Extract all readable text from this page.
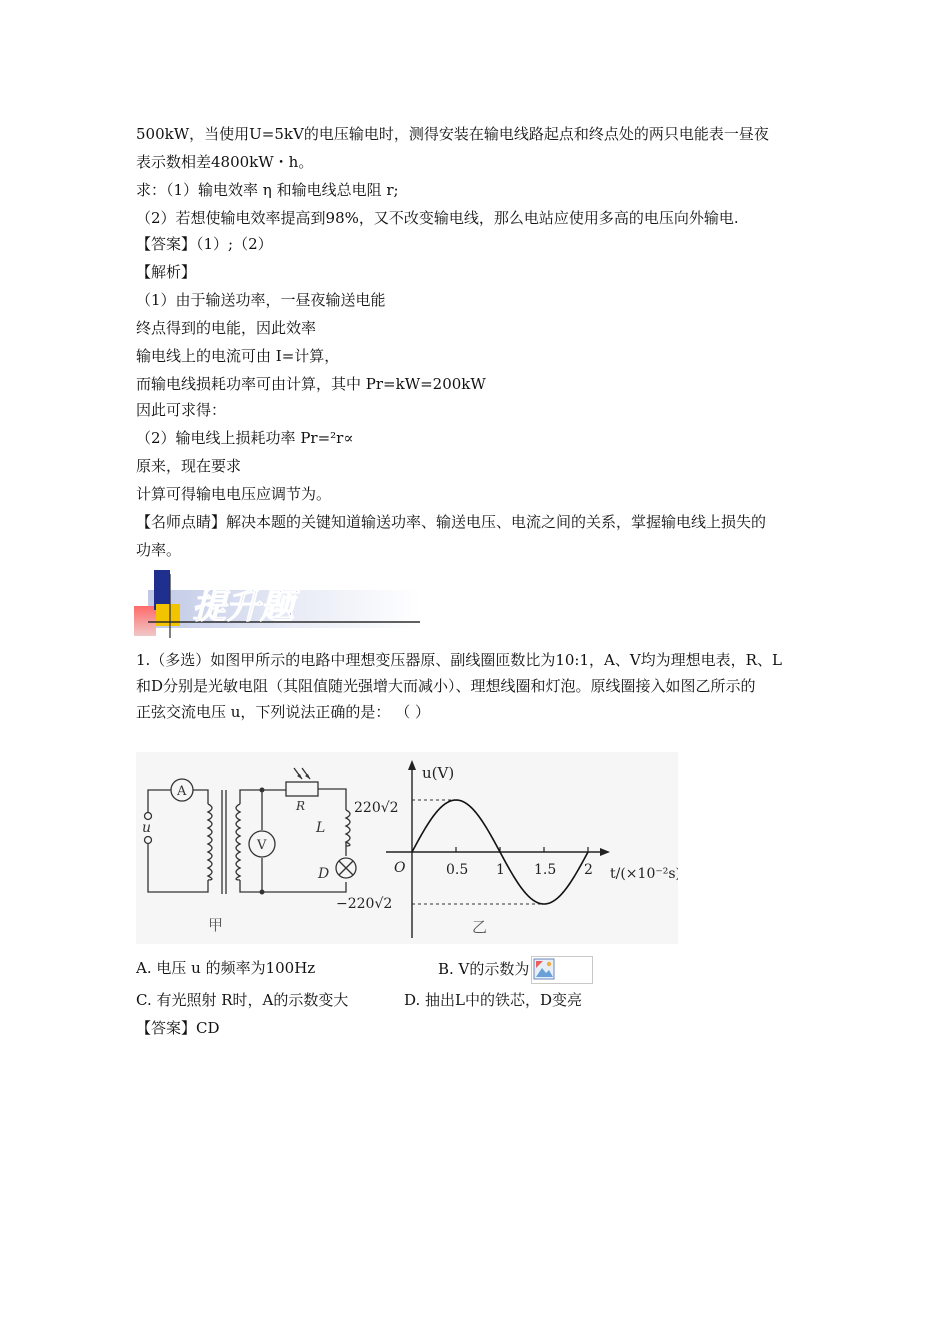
500kW，当使用U=5kV的电压输电时，测得安装在输电线路起点和终点处的两只电能表一昼夜
表示数相差4800kW・h。
求：（1）输电效率 η 和输电线总电阻 r;
（2）若想使输电效率提高到98%，又不改变输电线，那么电站应使用多高的电压向外输电.
【答案】（1）;（2）
【解析】
（1）由于输送功率，一昼夜输送电能
终点得到的电能，因此效率
输电线上的电流可由 I=计算，
而输电线损耗功率可由计算，其中 Pr=kW=200kW
因此可求得：
（2）输电线上损耗功率 Pr=²r∝
原来，现在要求
计算可得输电电压应调节为。
【名师点睛】解决本题的关键知道输送功率、输送电压、电流之间的关系，掌握输电线上损失的
功率。
提升题
1.（多选）如图甲所示的电路中理想变压器原、副线圈匝数比为10:1，A、V均为理想电表，R、L
和D分别是光敏电阻（其阻值随光强增大而减小）、理想线圈和灯泡。原线圈接入如图乙所示的
正弦交流电压 u，下列说法正确的是： （ ）
u
A
V
R
L
D
甲
0.5 1 1.5 2
u(V)
220√2
−220√2
O	t/(×10⁻²s)
乙
A. 电压 u 的频率为100Hz	B. V的示数为
C. 有光照射 R时，A的示数变大	D. 抽出L中的铁芯，D变亮
【答案】CD
